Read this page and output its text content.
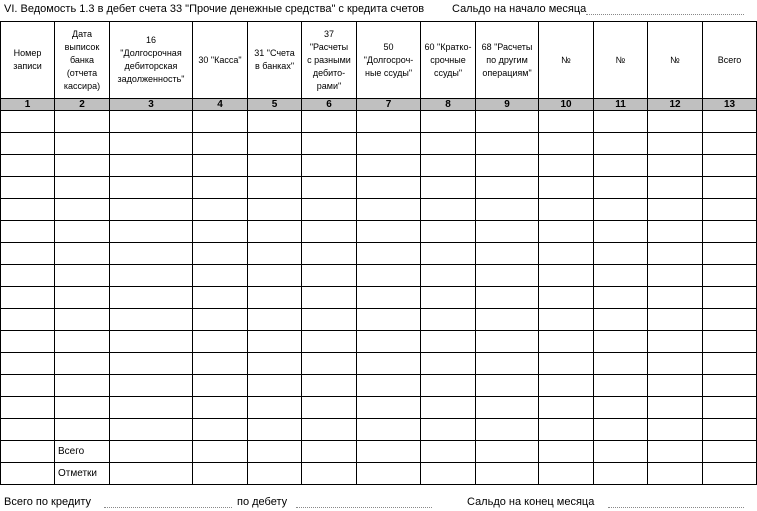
VI. Ведомость 1.3 в дебет счета 33 "Прочие денежные средства" с кредита счетов	Сальдо на начало месяца
Номер
записи	Дата
выписок
банка
(отчета
кассира)	16
"Долгосрочная
дебиторская
задолженность"	30 "Касса"	31 "Счета
в банках"	37
"Расчеты
с разными
дебито-
рами"	50
"Долгосроч-
ные ссуды"	60 "Кратко-
срочные
ссуды"	68 "Расчеты
по другим
операциям"	№	№	№	Всего

1	2	3	4	5	6	7	8	9	10	11	12	13

	Всего											
	Отметки											
Всего по кредиту	по дебету	Сальдо на конец месяца
